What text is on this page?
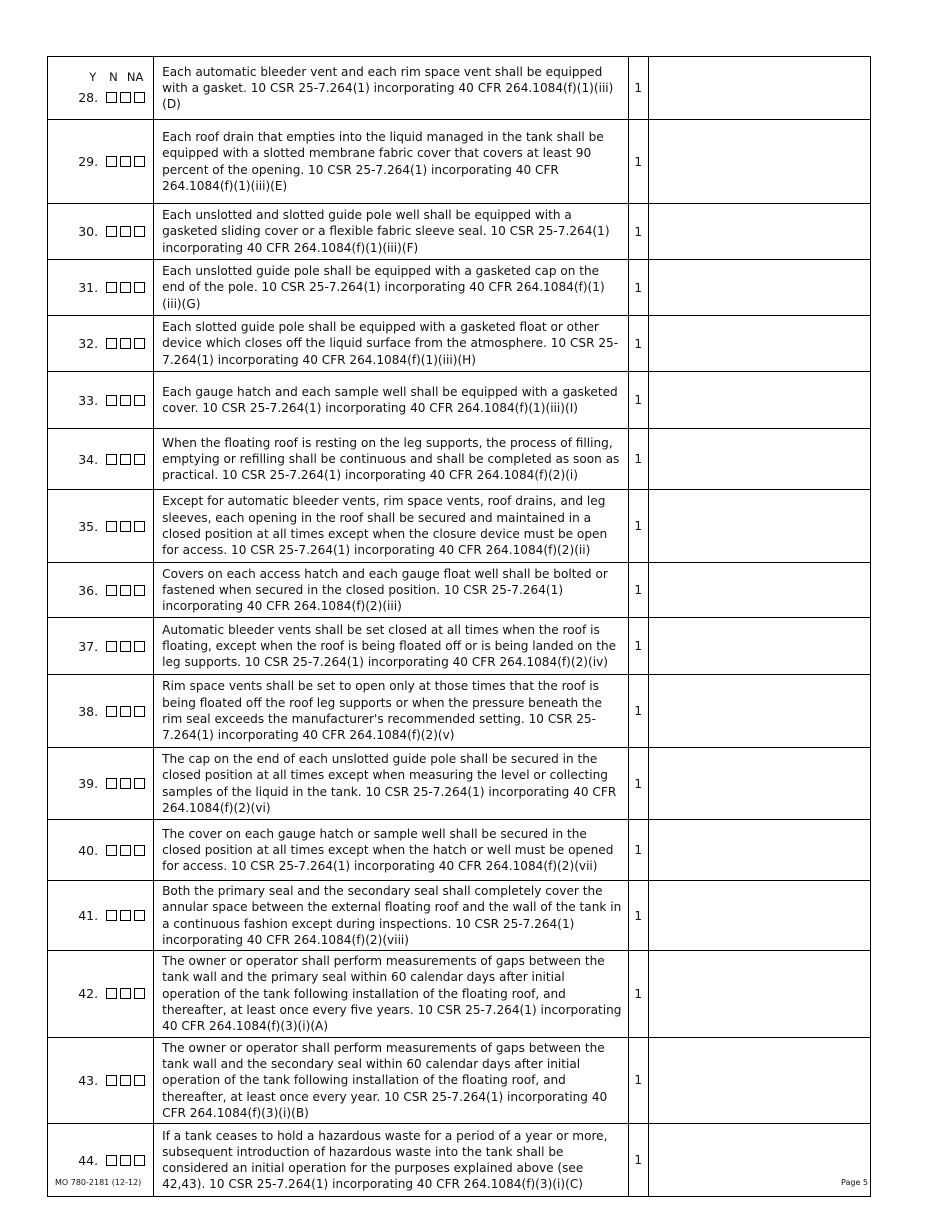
Y N NA
28.	Each automatic bleeder vent and each rim space vent shall be equipped with a gasket. 10 CSR 25-7.264(1) incorporating 40 CFR 264.1084(f)(1)(iii)(D)	1	

29.	Each roof drain that empties into the liquid managed in the tank shall be equipped with a slotted membrane fabric cover that covers at least 90 percent of the opening. 10 CSR 25-7.264(1) incorporating 40 CFR 264.1084(f)(1)(iii)(E)	1	

30.	Each unslotted and slotted guide pole well shall be equipped with a gasketed sliding cover or a flexible fabric sleeve seal. 10 CSR 25-7.264(1) incorporating 40 CFR 264.1084(f)(1)(iii)(F)	1	

31.	Each unslotted guide pole shall be equipped with a gasketed cap on the end of the pole. 10 CSR 25-7.264(1) incorporating 40 CFR 264.1084(f)(1)(iii)(G)	1	

32.	Each slotted guide pole shall be equipped with a gasketed float or other device which closes off the liquid surface from the atmosphere. 10 CSR 25-7.264(1) incorporating 40 CFR 264.1084(f)(1)(iii)(H)	1	

33.	Each gauge hatch and each sample well shall be equipped with a gasketed cover. 10 CSR 25-7.264(1) incorporating 40 CFR 264.1084(f)(1)(iii)(I)	1	

34.	When the floating roof is resting on the leg supports, the process of filling, emptying or refilling shall be continuous and shall be completed as soon as practical. 10 CSR 25-7.264(1) incorporating 40 CFR 264.1084(f)(2)(i)	1	

35.	Except for automatic bleeder vents, rim space vents, roof drains, and leg sleeves, each opening in the roof shall be secured and maintained in a closed position at all times except when the closure device must be open for access. 10 CSR 25-7.264(1) incorporating 40 CFR 264.1084(f)(2)(ii)	1	

36.	Covers on each access hatch and each gauge float well shall be bolted or fastened when secured in the closed position. 10 CSR 25-7.264(1) incorporating 40 CFR 264.1084(f)(2)(iii)	1	

37.	Automatic bleeder vents shall be set closed at all times when the roof is floating, except when the roof is being floated off or is being landed on the leg supports. 10 CSR 25-7.264(1) incorporating 40 CFR 264.1084(f)(2)(iv)	1	

38.	Rim space vents shall be set to open only at those times that the roof is being floated off the roof leg supports or when the pressure beneath the rim seal exceeds the manufacturer's recommended setting. 10 CSR 25-7.264(1) incorporating 40 CFR 264.1084(f)(2)(v)	1	

39.	The cap on the end of each unslotted guide pole shall be secured in the closed position at all times except when measuring the level or collecting samples of the liquid in the tank. 10 CSR 25-7.264(1) incorporating 40 CFR 264.1084(f)(2)(vi)	1	

40.	The cover on each gauge hatch or sample well shall be secured in the closed position at all times except when the hatch or well must be opened for access. 10 CSR 25-7.264(1) incorporating 40 CFR 264.1084(f)(2)(vii)	1	

41.	Both the primary seal and the secondary seal shall completely cover the annular space between the external floating roof and the wall of the tank in a continuous fashion except during inspections. 10 CSR 25-7.264(1) incorporating 40 CFR 264.1084(f)(2)(viii)	1	

42.	The owner or operator shall perform measurements of gaps between the tank wall and the primary seal within 60 calendar days after initial operation of the tank following installation of the floating roof, and thereafter, at least once every five years. 10 CSR 25-7.264(1) incorporating 40 CFR 264.1084(f)(3)(i)(A)	1	

43.	The owner or operator shall perform measurements of gaps between the tank wall and the secondary seal within 60 calendar days after initial operation of the tank following installation of the floating roof, and thereafter, at least once every year. 10 CSR 25-7.264(1) incorporating 40 CFR 264.1084(f)(3)(i)(B)	1	

44.	If a tank ceases to hold a hazardous waste for a period of a year or more, subsequent introduction of hazardous waste into the tank shall be considered an initial operation for the purposes explained above (see 42,43). 10 CSR 25-7.264(1) incorporating 40 CFR 264.1084(f)(3)(i)(C)	1	
MO 780-2181 (12-12)	Page 5
